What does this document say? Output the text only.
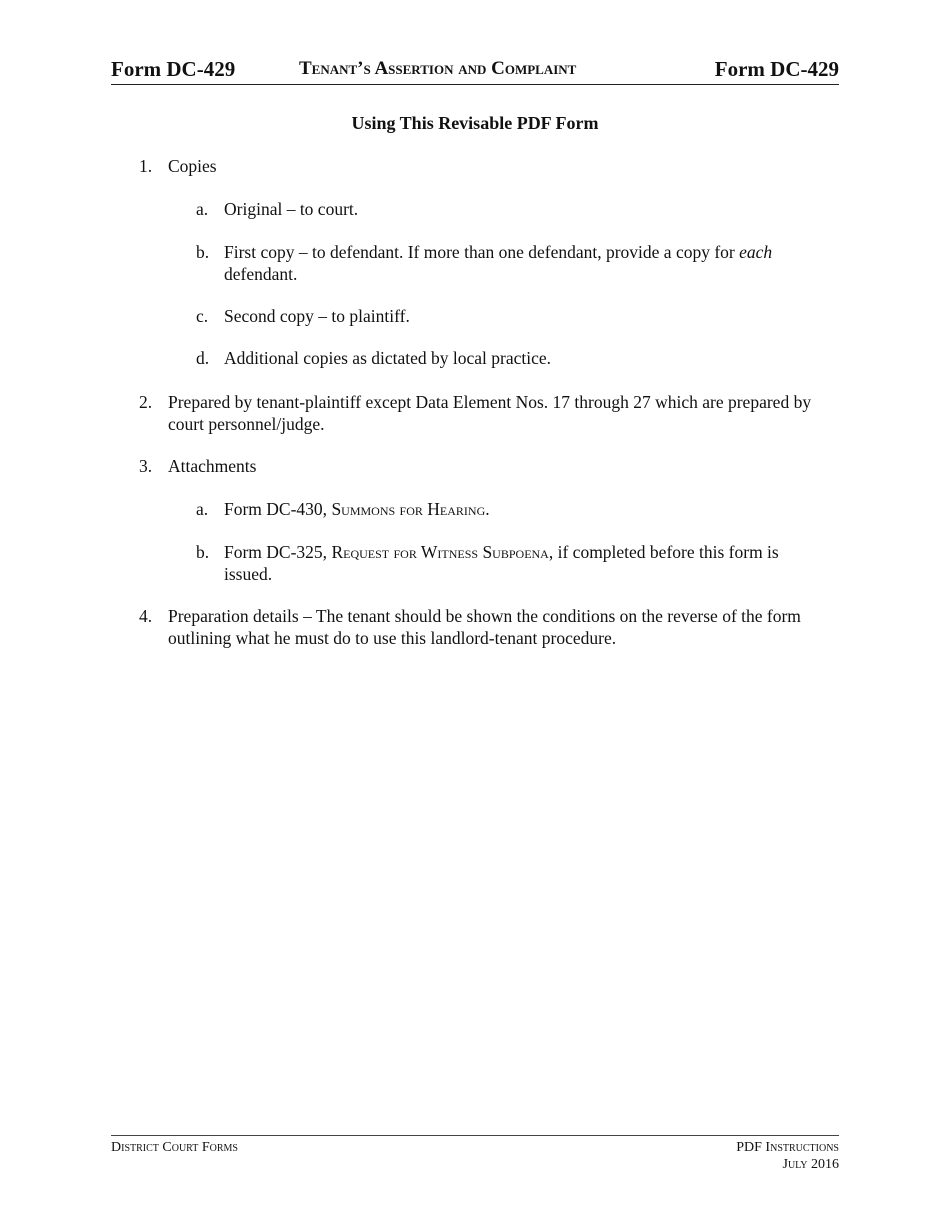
Form DC-429	Tenant’s Assertion and Complaint	Form DC-429
Using This Revisable PDF Form
1. Copies
a. Original – to court.
b. First copy – to defendant. If more than one defendant, provide a copy for each defendant.
c. Second copy – to plaintiff.
d. Additional copies as dictated by local practice.
2. Prepared by tenant-plaintiff except Data Element Nos. 17 through 27 which are prepared by court personnel/judge.
3. Attachments
a. Form DC-430, Summons for Hearing.
b. Form DC-325, Request for Witness Subpoena, if completed before this form is issued.
4. Preparation details – The tenant should be shown the conditions on the reverse of the form outlining what he must do to use this landlord-tenant procedure.
District Court Forms	PDF Instructions
July 2016
